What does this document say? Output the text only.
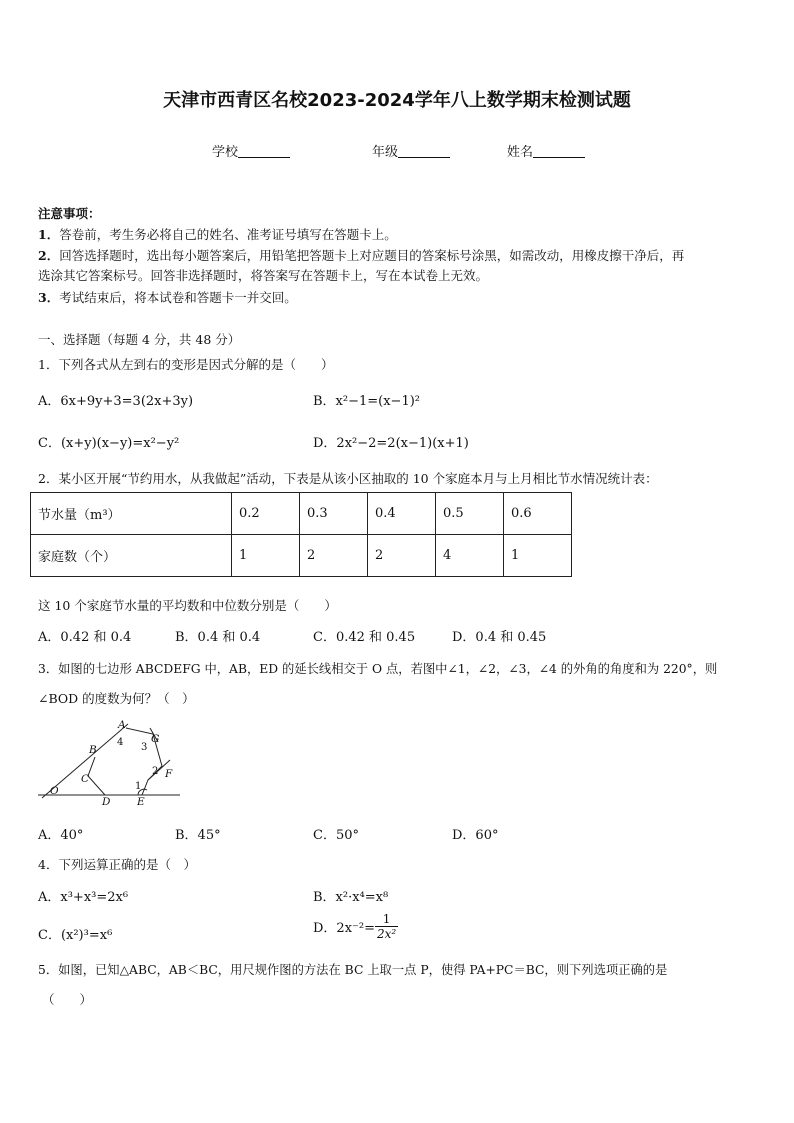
天津市西青区名校2023-2024学年八上数学期末检测试题
学校	年级	姓名
注意事项：
1．答卷前，考生务必将自己的姓名、准考证号填写在答题卡上。
2．回答选择题时，选出每小题答案后，用铅笔把答题卡上对应题目的答案标号涂黑，如需改动，用橡皮擦干净后，再
选涂其它答案标号。回答非选择题时，将答案写在答题卡上，写在本试卷上无效。
3．考试结束后，将本试卷和答题卡一并交回。
一、选择题（每题 4 分，共 48 分）
1．下列各式从左到右的变形是因式分解的是（　　）
A．6x+9y+3=3(2x+3y)	B．x²−1=(x−1)²
C．(x+y)(x−y)=x²−y²	D．2x²−2=2(x−1)(x+1)
2．某小区开展“节约用水，从我做起”活动，下表是从该小区抽取的 10 个家庭本月与上月相比节水情况统计表：
节水量（m³）	0.2	0.3	0.4	0.5	0.6
家庭数（个）	1	2	2	4	1
这 10 个家庭节水量的平均数和中位数分别是（　　）
A．0.42 和 0.4	B．0.4 和 0.4	C．0.42 和 0.45	D．0.4 和 0.45
3．如图的七边形 ABCDEFG 中，AB，ED 的延长线相交于 O 点，若图中∠1，∠2，∠3，∠4 的外角的角度和为 220°，则
∠BOD 的度数为何？（　）
A
B
C
D	E
F
G
O	1
2
3
4
A．40°	B．45°	C．50°	D．60°
4．下列运算正确的是（　）
A．x³+x³=2x⁶	B．x²·x⁴=x⁸
C．(x²)³=x⁶	D．$2x^{-2}= \frac{1}{\text{2x²}}$
5．如图，已知△ABC，AB＜BC，用尺规作图的方法在 BC 上取一点 P，使得 PA+PC＝BC，则下列选项正确的是
（　　）
